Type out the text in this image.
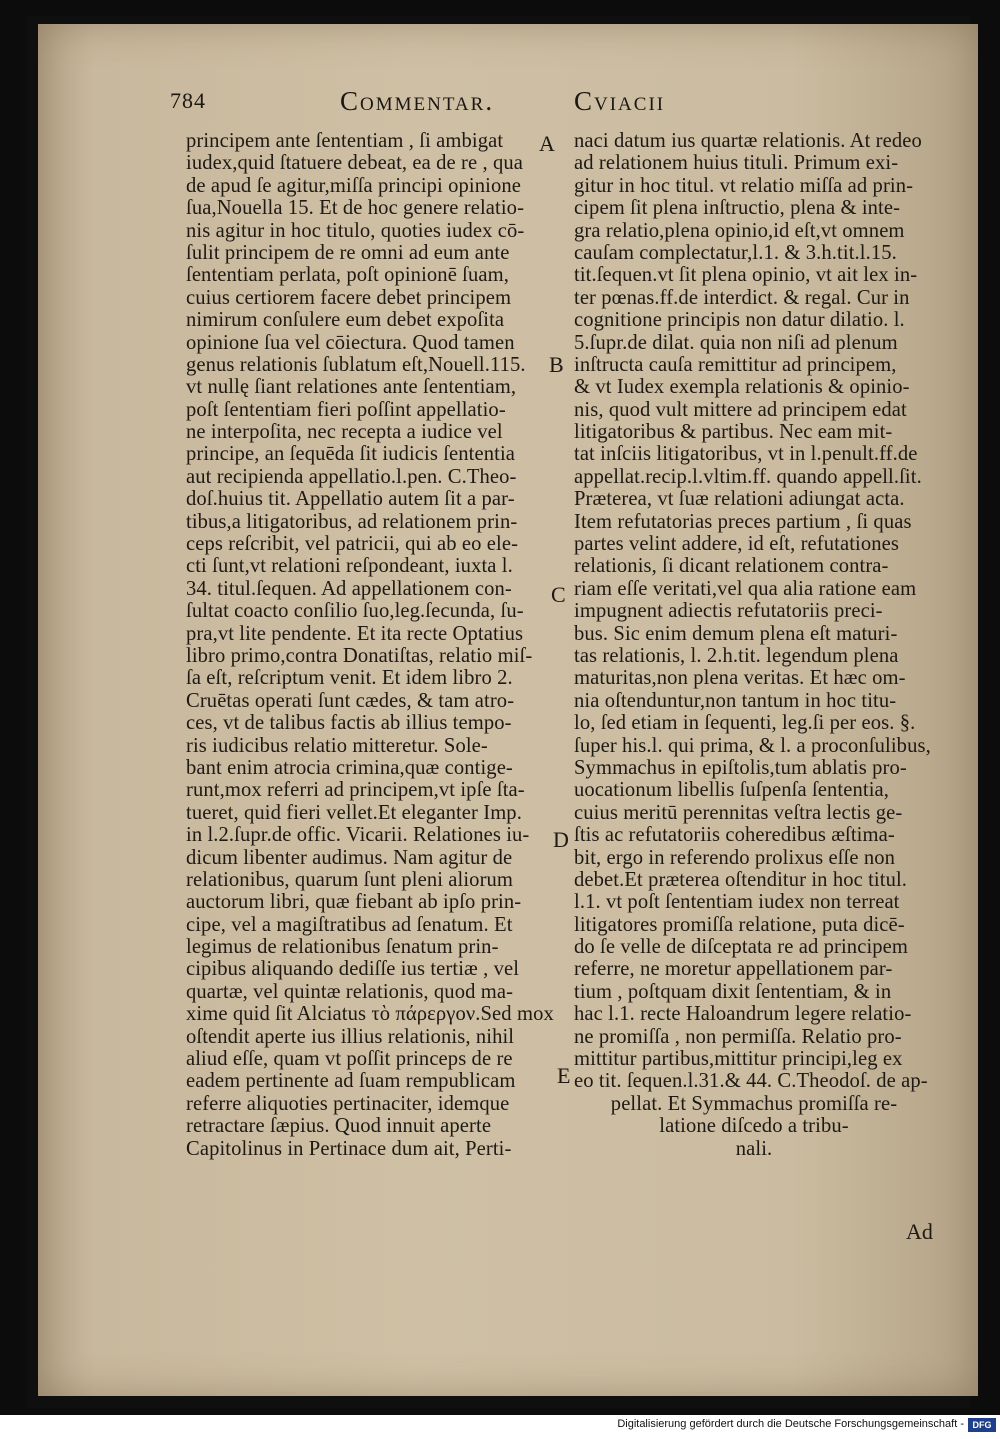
784	Commentar.	Cviacii
principem ante ſententiam , ſi ambigat
iudex,quid ſtatuere debeat, ea de re , qua
de apud ſe agitur,miſſa principi opinione
ſua,Nouella 15. Et de hoc genere relatio-
nis agitur in hoc titulo, quoties iudex cō-
ſulit principem de re omni ad eum ante
ſententiam perlata, poſt opinionē ſuam,
cuius certiorem facere debet principem
nimirum conſulere eum debet expoſita
opinione ſua vel cōiectura. Quod tamen
genus relationis ſublatum eſt,Nouell.115.
vt nullę ſiant relationes ante ſententiam,
poſt ſententiam fieri poſſint appellatio-
ne interpoſita, nec recepta a iudice vel
principe, an ſequēda ſit iudicis ſententia
aut recipienda appellatio.l.pen. C.Theo-
doſ.huius tit. Appellatio autem ſit a par-
tibus,a litigatoribus, ad relationem prin-
ceps reſcribit, vel patricii, qui ab eo ele-
cti ſunt,vt relationi reſpondeant, iuxta l.
34. titul.ſequen. Ad appellationem con-
ſultat coacto conſilio ſuo,leg.ſecunda, ſu-
pra,vt lite pendente. Et ita recte Optatius
libro primo,contra Donatiſtas, relatio miſ-
ſa eſt, reſcriptum venit. Et idem libro 2.
Cruētas operati ſunt cædes, & tam atro-
ces, vt de talibus factis ab illius tempo-
ris iudicibus relatio mitteretur. Sole-
bant enim atrocia crimina,quæ contige-
runt,mox referri ad principem,vt ipſe ſta-
tueret, quid fieri vellet.Et eleganter Imp.
in l.2.ſupr.de offic. Vicarii. Relationes iu-
dicum libenter audimus. Nam agitur de
relationibus, quarum ſunt pleni aliorum
auctorum libri, quæ fiebant ab ipſo prin-
cipe, vel a magiſtratibus ad ſenatum. Et
legimus de relationibus ſenatum prin-
cipibus aliquando dediſſe ius tertiæ , vel
quartæ, vel quintæ relationis, quod ma-
xime quid ſit Alciatus τὸ πάρεργον.Sed mox
oſtendit aperte ius illius relationis, nihil
aliud eſſe, quam vt poſſit princeps de re
eadem pertinente ad ſuam rempublicam
referre aliquoties pertinaciter, idemque
retractare ſæpius. Quod innuit aperte
Capitolinus in Pertinace dum ait, Perti-
naci datum ius quartæ relationis. At redeo
ad relationem huius tituli. Primum exi-
gitur in hoc titul. vt relatio miſſa ad prin-
cipem ſit plena inſtructio, plena & inte-
gra relatio,plena opinio,id eſt,vt omnem
cauſam complectatur,l.1. & 3.h.tit.l.15.
tit.ſequen.vt ſit plena opinio, vt ait lex in-
ter pœnas.ff.de interdict. & regal. Cur in
cognitione principis non datur dilatio. l.
5.ſupr.de dilat. quia non niſi ad plenum
inſtructa cauſa remittitur ad principem,
& vt Iudex exempla relationis & opinio-
nis, quod vult mittere ad principem edat
litigatoribus & partibus. Nec eam mit-
tat inſciis litigatoribus, vt in l.penult.ff.de
appellat.recip.l.vltim.ff. quando appell.ſit.
Præterea, vt ſuæ relationi adiungat acta.
Item refutatorias preces partium , ſi quas
partes velint addere, id eſt, refutationes
relationis, ſi dicant relationem contra-
riam eſſe veritati,vel qua alia ratione eam
impugnent adiectis refutatoriis preci-
bus. Sic enim demum plena eſt maturi-
tas relationis, l. 2.h.tit. legendum plena
maturitas,non plena veritas. Et hæc om-
nia oſtenduntur,non tantum in hoc titu-
lo, ſed etiam in ſequenti, leg.ſi per eos. §.
ſuper his.l. qui prima, & l. a proconſulibus,
Symmachus in epiſtolis,tum ablatis pro-
uocationum libellis ſuſpenſa ſententia,
cuius meritū perennitas veſtra lectis ge-
ſtis ac refutatoriis coheredibus æſtima-
bit, ergo in referendo prolixus eſſe non
debet.Et præterea oſtenditur in hoc titul.
l.1. vt poſt ſententiam iudex non terreat
litigatores promiſſa relatione, puta dicē-
do ſe velle de diſceptata re ad principem
referre, ne moretur appellationem par-
tium , poſtquam dixit ſententiam, & in
hac l.1. recte Haloandrum legere relatio-
ne promiſſa , non permiſſa. Relatio pro-
mittitur partibus,mittitur principi,leg ex
eo tit. ſequen.l.31.& 44. C.Theodoſ. de ap-
pellat. Et Symmachus promiſſa re-
latione diſcedo a tribu-
nali.
A
B
C
D
E
Ad
Digitalisierung gefördert durch die Deutsche Forschungsgemeinschaft - DFG
